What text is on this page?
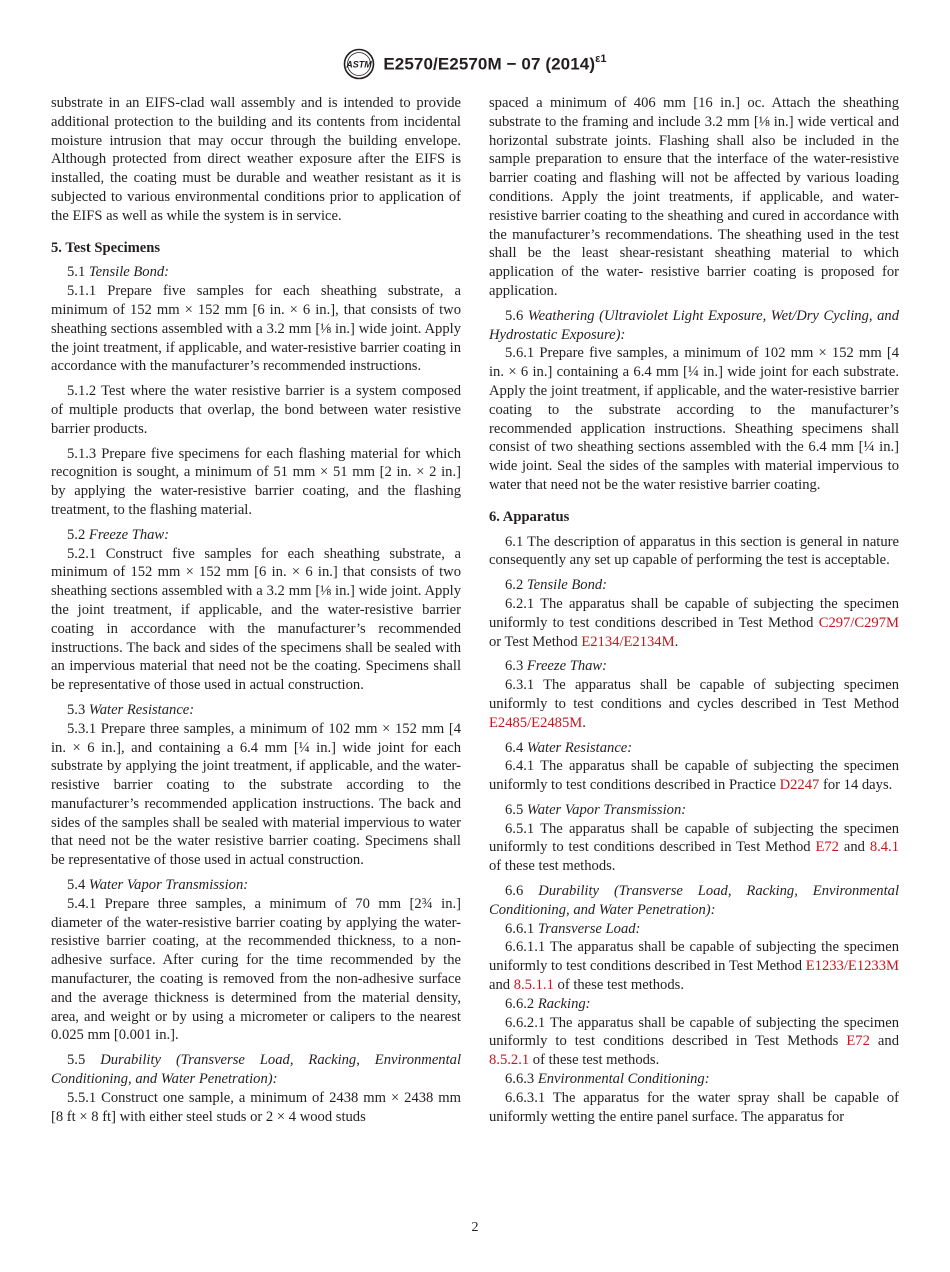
ASTM E2570/E2570M − 07 $(2014)^{\varepsilon 1}$

substrate in an EIFS-clad wall assembly and is intended to provide additional protection to the building and its contents from incidental moisture intrusion that may occur through the building envelope. Although protected from direct weather exposure after the EIFS is installed, the coating must be durable and weather resistant as it is subjected to various environmental conditions prior to application of the EIFS as well as while the system is in service.

5. Test Specimens

5.1 Tensile Bond:

5.1.1 Prepare five samples for each sheathing substrate, a minimum of 152 mm × 152 mm [6 in. × 6 in.], that consists of two sheathing sections assembled with a 3.2 mm [⅛ in.] wide joint. Apply the joint treatment, if applicable, and water-resistive barrier coating in accordance with the manufacturer’s recommended instructions.

5.1.2 Test where the water resistive barrier is a system composed of multiple products that overlap, the bond between water resistive barrier products.

5.1.3 Prepare five specimens for each flashing material for which recognition is sought, a minimum of 51 mm × 51 mm [2 in. × 2 in.] by applying the water-resistive barrier coating, and the flashing treatment, to the flashing material.

5.2 Freeze Thaw:

5.2.1 Construct five samples for each sheathing substrate, a minimum of 152 mm × 152 mm [6 in. × 6 in.] that consists of two sheathing sections assembled with a 3.2 mm [⅛ in.] wide joint. Apply the joint treatment, if applicable, and the water-resistive barrier coating in accordance with the manufacturer’s recommended instructions. The back and sides of the specimens shall be sealed with an impervious material that need not be the coating. Specimens shall be representative of those used in actual construction.

5.3 Water Resistance:

5.3.1 Prepare three samples, a minimum of 102 mm × 152 mm [4 in. × 6 in.], and containing a 6.4 mm [¼ in.] wide joint for each substrate by applying the joint treatment, if applicable, and the water-resistive barrier coating to the substrate according to the manufacturer’s recommended application instructions. The back and sides of the samples shall be sealed with material impervious to water that need not be the water resistive barrier coating. Specimens shall be representative of those used in actual construction.

5.4 Water Vapor Transmission:

5.4.1 Prepare three samples, a minimum of 70 mm [2¾ in.] diameter of the water-resistive barrier coating by applying the water-resistive barrier coating, at the recommended thickness, to a non-adhesive surface. After curing for the time recommended by the manufacturer, the coating is removed from the non-adhesive surface and the average thickness is determined from the material density, area, and weight or by using a micrometer or calipers to the nearest 0.025 mm [0.001 in.].

5.5 Durability (Transverse Load, Racking, Environmental Conditioning, and Water Penetration):

5.5.1 Construct one sample, a minimum of 2438 mm × 2438 mm [8 ft × 8 ft] with either steel studs or 2 × 4 wood studs

spaced a minimum of 406 mm [16 in.] oc. Attach the sheathing substrate to the framing and include 3.2 mm [⅛ in.] wide vertical and horizontal substrate joints. Flashing shall also be included in the sample preparation to ensure that the interface of the water-resistive barrier coating and flashing will not be affected by various loading conditions. Apply the joint treatments, if applicable, and water-resistive barrier coating to the sheathing and cured in accordance with the manufacturer’s recommendations. The sheathing used in the test shall be the least shear-resistant sheathing material to which application of the water- resistive barrier coating is proposed for application.

5.6 Weathering (Ultraviolet Light Exposure, Wet/Dry Cycling, and Hydrostatic Exposure):

5.6.1 Prepare five samples, a minimum of 102 mm × 152 mm [4 in. × 6 in.] containing a 6.4 mm [¼ in.] wide joint for each substrate. Apply the joint treatment, if applicable, and the water-resistive barrier coating to the substrate according to the manufacturer’s recommended application instructions. Sheathing specimens shall consist of two sheathing sections assembled with the 6.4 mm [¼ in.] wide joint. Seal the sides of the samples with material impervious to water that need not be the water resistive barrier coating.

6. Apparatus

6.1 The description of apparatus in this section is general in nature consequently any set up capable of performing the test is acceptable.

6.2 Tensile Bond:

6.2.1 The apparatus shall be capable of subjecting the specimen uniformly to test conditions described in Test Method C297/C297M or Test Method E2134/E2134M.

6.3 Freeze Thaw:

6.3.1 The apparatus shall be capable of subjecting specimen uniformly to test conditions and cycles described in Test Method E2485/E2485M.

6.4 Water Resistance:

6.4.1 The apparatus shall be capable of subjecting the specimen uniformly to test conditions described in Practice D2247 for 14 days.

6.5 Water Vapor Transmission:

6.5.1 The apparatus shall be capable of subjecting the specimen uniformly to test conditions described in Test Method E72 and 8.4.1 of these test methods.

6.6 Durability (Transverse Load, Racking, Environmental Conditioning, and Water Penetration):

6.6.1 Transverse Load:

6.6.1.1 The apparatus shall be capable of subjecting the specimen uniformly to test conditions described in Test Method E1233/E1233M and 8.5.1.1 of these test methods.

6.6.2 Racking:

6.6.2.1 The apparatus shall be capable of subjecting the specimen uniformly to test conditions described in Test Methods E72 and 8.5.2.1 of these test methods.

6.6.3 Environmental Conditioning:

6.6.3.1 The apparatus for the water spray shall be capable of uniformly wetting the entire panel surface. The apparatus for

2
